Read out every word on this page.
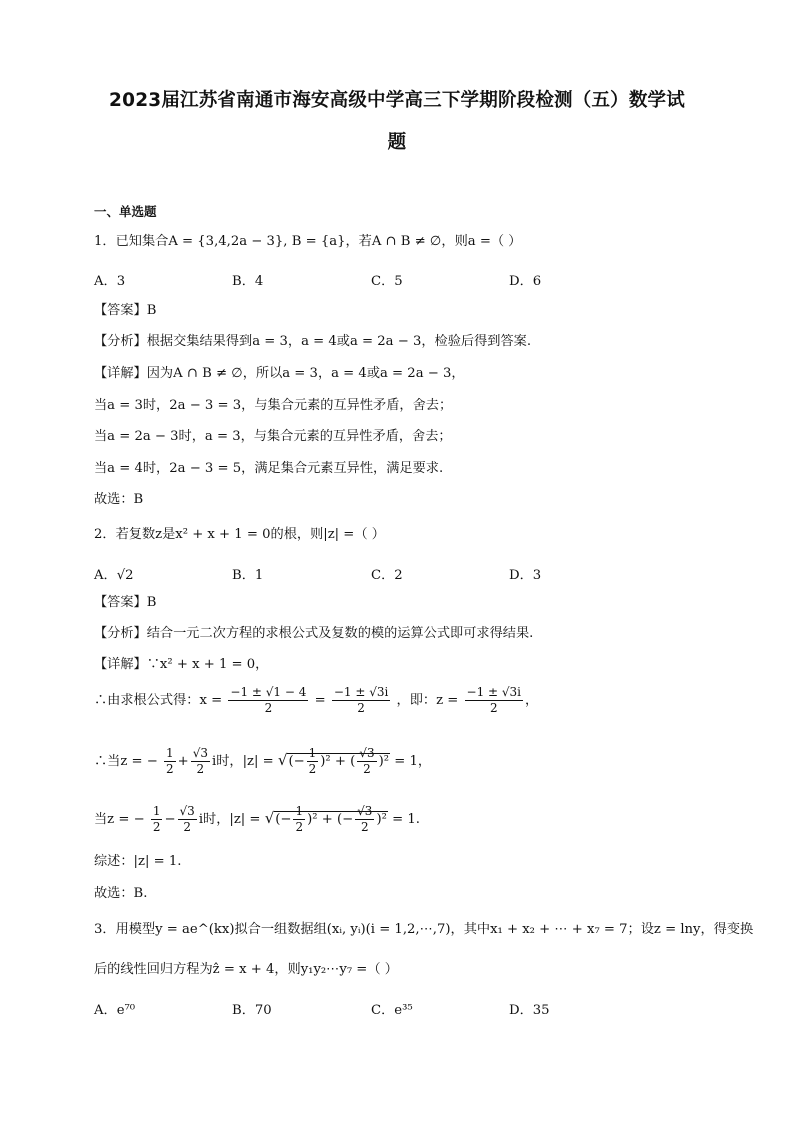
2023届江苏省南通市海安高级中学高三下学期阶段检测（五）数学试
题
一、单选题
1．已知集合A = {3,4,2a − 3}, B = {a}，若A ∩ B ≠ ∅，则a =（ ）
A．3	B．4	C．5	D．6
【答案】B
【分析】根据交集结果得到a = 3，a = 4或a = 2a − 3，检验后得到答案.
【详解】因为A ∩ B ≠ ∅，所以a = 3，a = 4或a = 2a − 3，
当a = 3时，2a − 3 = 3，与集合元素的互异性矛盾，舍去；
当a = 2a − 3时，a = 3，与集合元素的互异性矛盾，舍去；
当a = 4时，2a − 3 = 5，满足集合元素互异性，满足要求.
故选：B
2．若复数z是x² + x + 1 = 0的根，则|z| =（ ）
A．√2	B．1	C．2	D．3
【答案】B
【分析】结合一元二次方程的求根公式及复数的模的运算公式即可求得结果.
【详解】∵x² + x + 1 = 0，
∴由求根公式得：$x = \frac{-1 \pm √1 - 4}{2} = \frac{-1 \pm √3i}{2}$ ，即：$z = \frac{-1 \pm √3i}{2}$ ，
∴当z = − $\frac{1}{2} + \frac{√3}{2}$ i时，|z| = √(− $\frac{1}{2} )^2$ + ( $\frac{√3}{2} )^2 = 1$，
当z = − $\frac{1}{2} - \frac{√3}{2}$ i时，|z| = √(− $\frac{1}{2} )^2$ + (− $\frac{√3}{2} )^2 = 1$.
综述：|z| = 1.
故选：B.
3．用模型y = ae^(kx)拟合一组数据组(xᵢ, yᵢ)(i = 1,2,⋯,7)，其中x₁ + x₂ + ⋯ + x₇ = 7；设z = lny，得变换
后的线性回归方程为ẑ = x + 4，则y₁y₂⋯y₇ =（ ）
A．e⁷⁰	B．70	C．e³⁵	D．35
